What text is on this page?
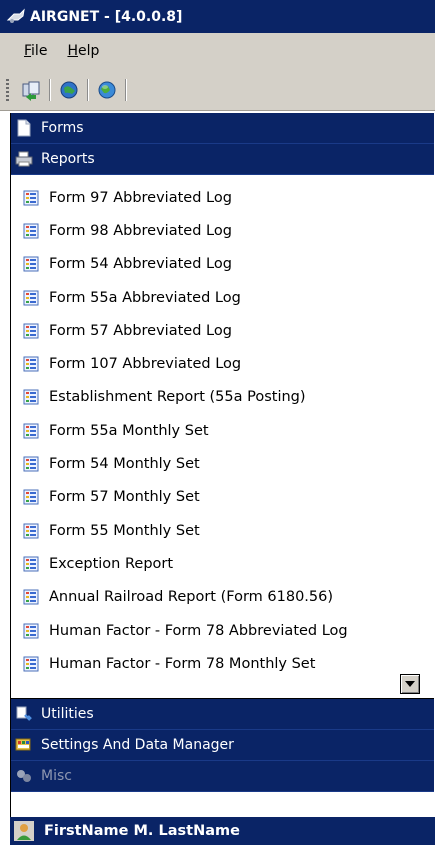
AIRGNET - [4.0.0.8]
File Help
Forms
Reports
Form 97 Abbreviated Log
Form 98 Abbreviated Log
Form 54 Abbreviated Log
Form 55a Abbreviated Log
Form 57 Abbreviated Log
Form 107 Abbreviated Log
Establishment Report (55a Posting)
Form 55a Monthly Set
Form 54 Monthly Set
Form 57 Monthly Set
Form 55 Monthly Set
Exception Report
Annual Railroad Report (Form 6180.56)
Human Factor - Form 78 Abbreviated Log
Human Factor - Form 78 Monthly Set
Utilities
Settings And Data Manager
Misc
FirstName M. LastName
